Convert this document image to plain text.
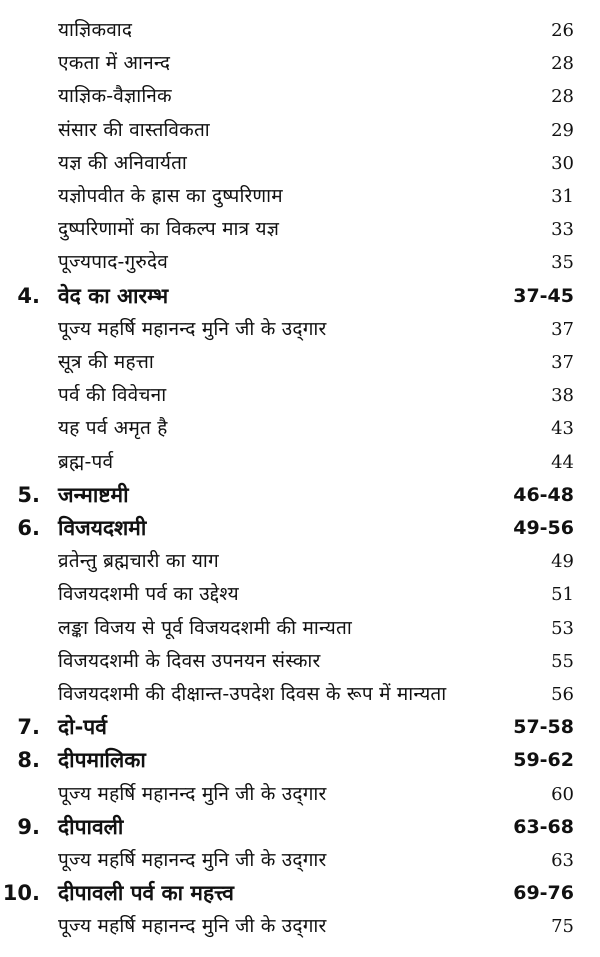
याज्ञिकवाद	26
एकता में आनन्द	28
याज्ञिक-वैज्ञानिक	28
संसार की वास्तविकता	29
यज्ञ की अनिवार्यता	30
यज्ञोपवीत के ह्रास का दुष्परिणाम	31
दुष्परिणामों का विकल्प मात्र यज्ञ	33
पूज्यपाद-गुरुदेव	35
4. वेद का आरम्भ	37-45
पूज्य महर्षि महानन्द मुनि जी के उद्‌गार	37
सूत्र की महत्ता	37
पर्व की विवेचना	38
यह पर्व अमृत है	43
ब्रह्म-पर्व	44
5. जन्माष्टमी	46-48
6. विजयदशमी	49-56
व्रतेन्तु ब्रह्मचारी का याग	49
विजयदशमी पर्व का उद्देश्य	51
लङ्का विजय से पूर्व विजयदशमी की मान्यता	53
विजयदशमी के दिवस उपनयन संस्कार	55
विजयदशमी की दीक्षान्त-उपदेश दिवस के रूप में मान्यता	56
7. दो-पर्व	57-58
8. दीपमालिका	59-62
पूज्य महर्षि महानन्द मुनि जी के उद्‌गार	60
9. दीपावली	63-68
पूज्य महर्षि महानन्द मुनि जी के उद्‌गार	63
10. दीपावली पर्व का महत्त्व	69-76
पूज्य महर्षि महानन्द मुनि जी के उद्‌गार	75
